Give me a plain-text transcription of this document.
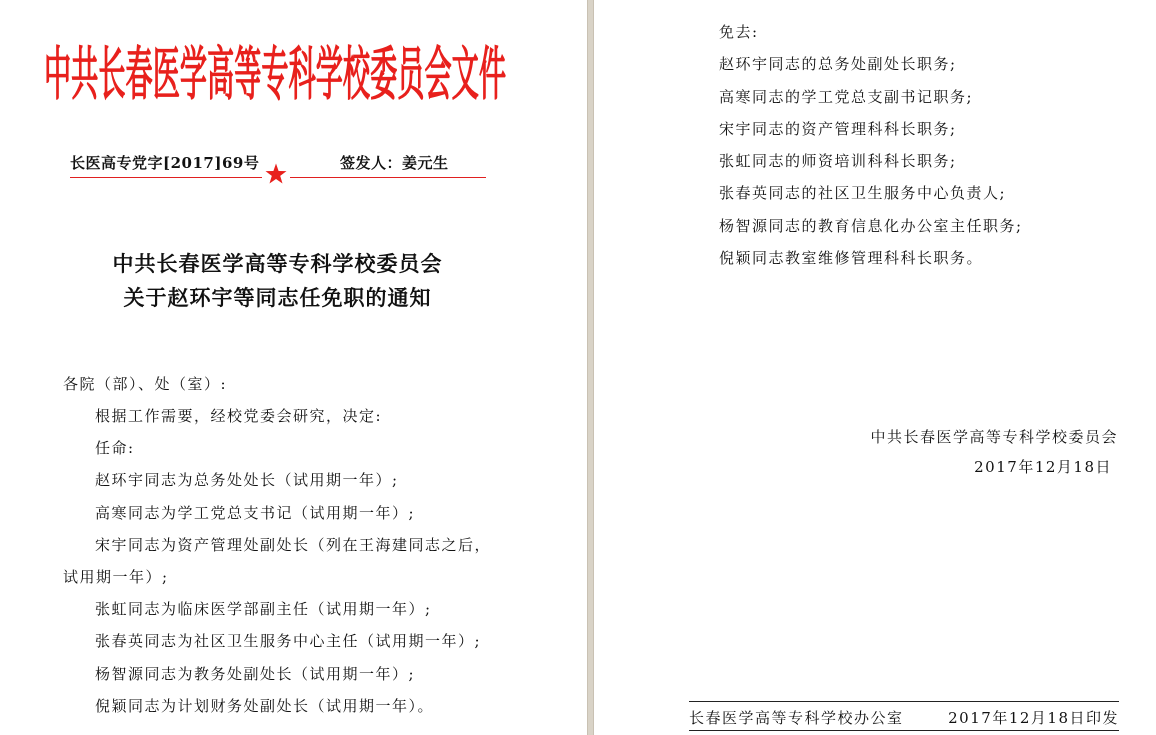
中共长春医学高等专科学校委员会文件
长医高专党字[2017]69号	签发人：姜元生
中共长春医学高等专科学校委员会
关于赵环宇等同志任免职的通知
各院（部）、处（室）:
根据工作需要，经校党委会研究，决定:
任命:
赵环宇同志为总务处处长（试用期一年）;
高寒同志为学工党总支书记（试用期一年）;
宋宇同志为资产管理处副处长（列在王海建同志之后，
试用期一年）;
张虹同志为临床医学部副主任（试用期一年）;
张春英同志为社区卫生服务中心主任（试用期一年）;
杨智源同志为教务处副处长（试用期一年）;
倪颖同志为计划财务处副处长（试用期一年）。
免去:
赵环宇同志的总务处副处长职务;
高寒同志的学工党总支副书记职务;
宋宇同志的资产管理科科长职务;
张虹同志的师资培训科科长职务;
张春英同志的社区卫生服务中心负责人;
杨智源同志的教育信息化办公室主任职务;
倪颖同志教室维修管理科科长职务。
中共长春医学高等专科学校委员会
2017年12月18日
长春医学高等专科学校办公室	2017年12月18日印发
